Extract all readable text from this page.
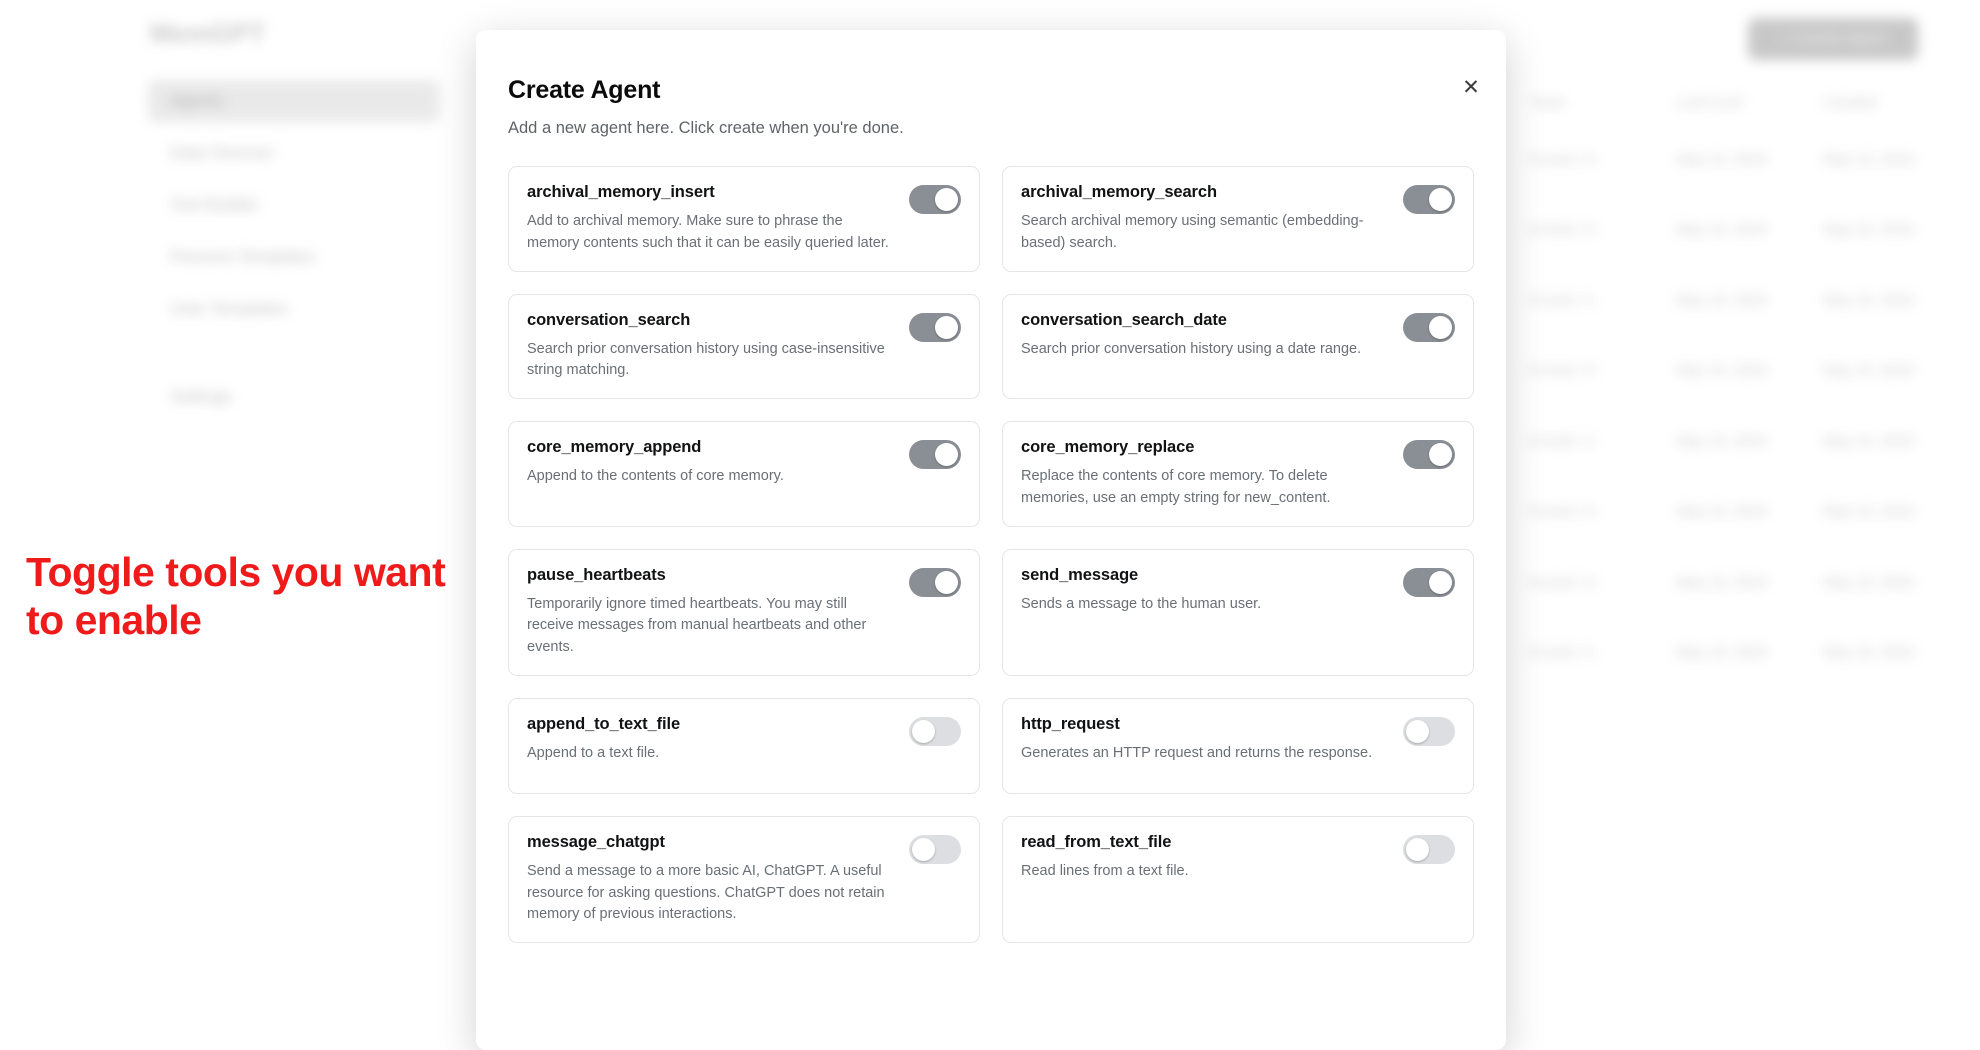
MemGPT
Agents
Data Sources
Tool Builder
Persona Templates
User Templates
Settings
+ Create Agent
Tools	LLM Conf.	Created
8 tools / 0	May 10, 2024	May 10, 2024
8 tools / 0	May 10, 2024	May 10, 2024
8 tools / 1	May 10, 2024	May 10, 2024
8 tools / 0	May 10, 2024	May 10, 2024
8 tools / 1	May 10, 2024	May 10, 2024
8 tools / 0	May 10, 2024	May 10, 2024
8 tools / 0	May 10, 2024	May 10, 2024
8 tools / 1	May 10, 2024	May 10, 2024
✕
Create Agent
Add a new agent here. Click create when you're done.
archival_memory_insert
Add to archival memory. Make sure to phrase the memory contents such that it can be easily queried later.
archival_memory_search
Search archival memory using semantic (embedding-based) search.
conversation_search
Search prior conversation history using case-insensitive string matching.
conversation_search_date
Search prior conversation history using a date range.
core_memory_append
Append to the contents of core memory.
core_memory_replace
Replace the contents of core memory. To delete memories, use an empty string for new_content.
pause_heartbeats
Temporarily ignore timed heartbeats. You may still receive messages from manual heartbeats and other events.
send_message
Sends a message to the human user.
append_to_text_file
Append to a text file.
http_request
Generates an HTTP request and returns the response.
message_chatgpt
Send a message to a more basic AI, ChatGPT. A useful resource for asking questions. ChatGPT does not retain memory of previous interactions.
read_from_text_file
Read lines from a text file.
Toggle tools you want to enable
